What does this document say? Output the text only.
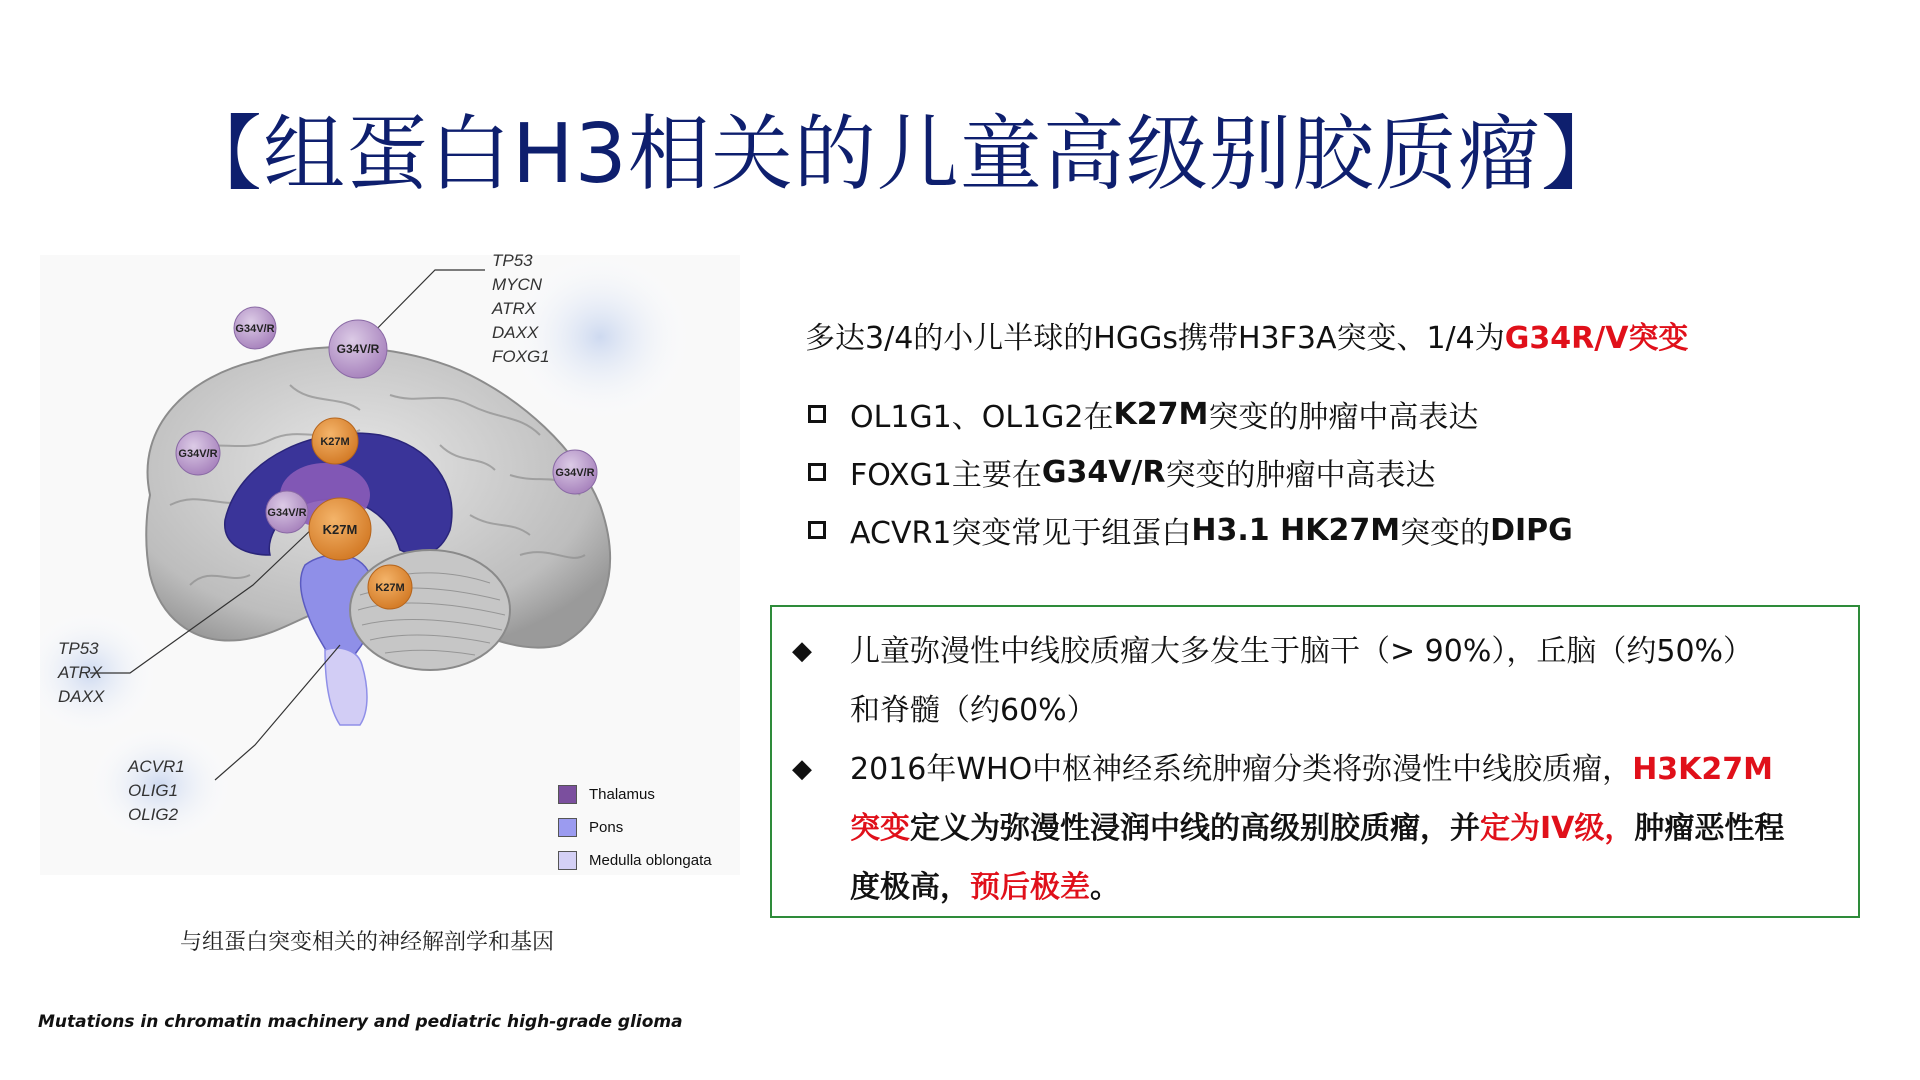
【组蛋白H3相关的儿童高级别胶质瘤】
G34V/R
G34V/R
G34V/R
G34V/R
G34V/R
K27M
K27M
K27M
TP53
MYCN
ATRX
DAXX
FOXG1
TP53
ATRX
DAXX
ACVR1
OLIG1
OLIG2
Thalamus
Pons
Medulla oblongata
与组蛋白突变相关的神经解剖学和基因
Mutations in chromatin machinery and pediatric high-grade glioma
多达3/4的小儿半球的HGGs携带H3F3A突变、1/4为G34R/V突变
OL1G1、OL1G2在 K27M 突变的肿瘤中高表达
FOXG1主要在 G34V/R 突变的肿瘤中高表达
ACVR1突变常见于组蛋白 H3.1 HK27M 突变的 DIPG
◆ 儿童弥漫性中线胶质瘤大多发生于脑干（> 90%），丘脑（约50%）
和脊髓（约60%）
◆ 2016年WHO中枢神经系统肿瘤分类将弥漫性中线胶质瘤，H3K27M
突变定义为弥漫性浸润中线的高级别胶质瘤，并定为IV级，肿瘤恶性程
度极高，预后极差。
